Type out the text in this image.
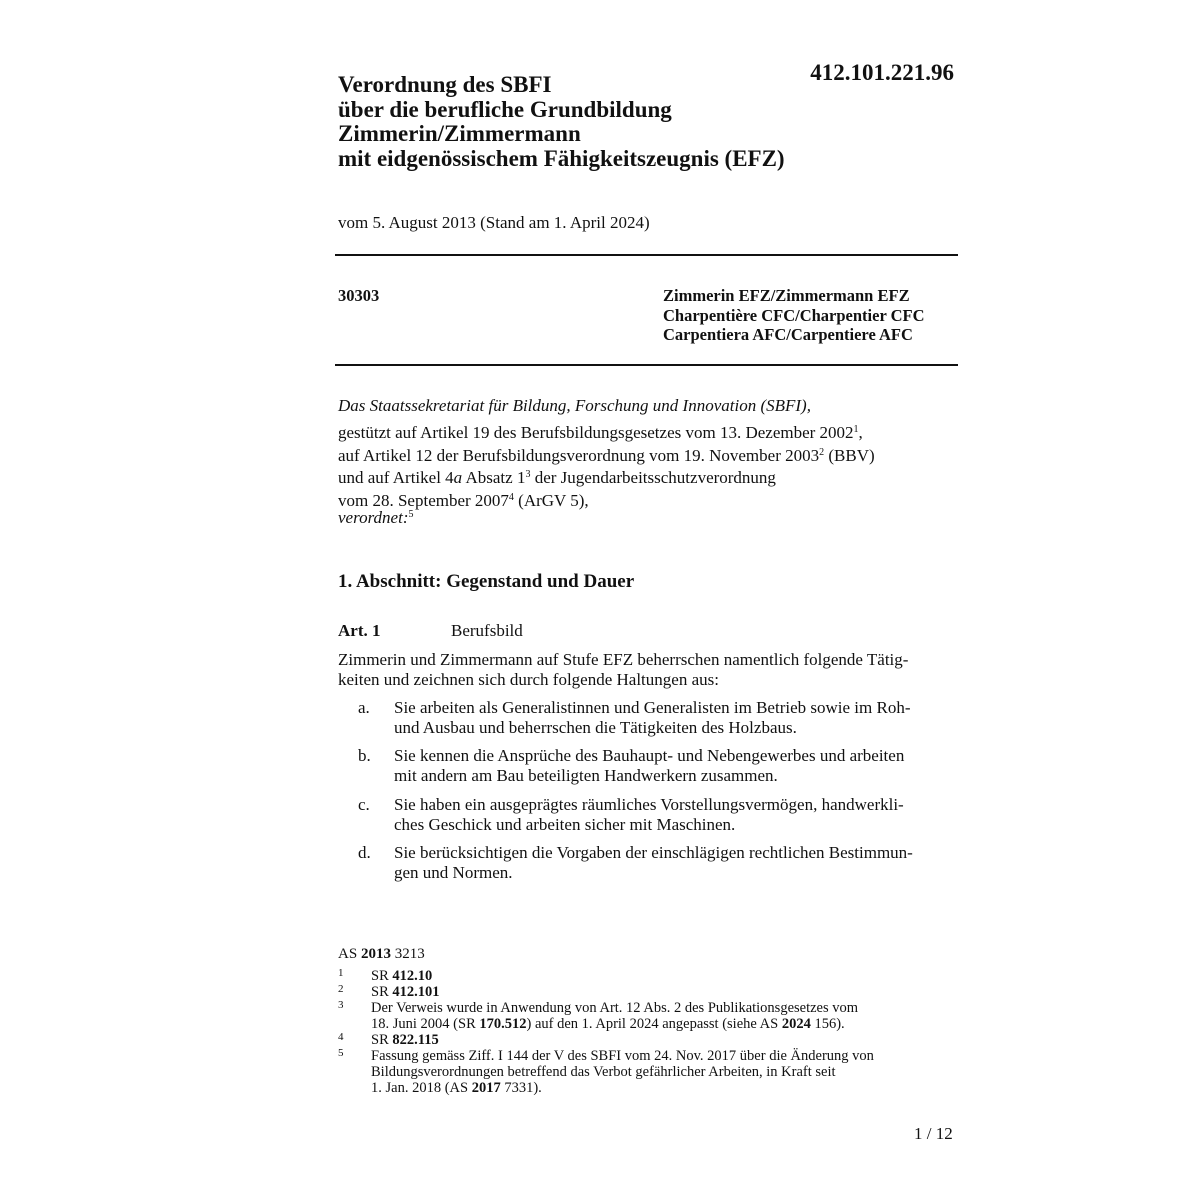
412.101.221.96
Verordnung des SBFI
über die berufliche Grundbildung
Zimmerin/Zimmermann
mit eidgenössischem Fähigkeitszeugnis (EFZ)
vom 5. August 2013 (Stand am 1. April 2024)
30303	Zimmerin EFZ/Zimmermann EFZ
Charpentière CFC/Charpentier CFC
Carpentiera AFC/Carpentiere AFC
Das Staatssekretariat für Bildung, Forschung und Innovation (SBFI),
gestützt auf Artikel 19 des Berufsbildungsgesetzes vom 13. Dezember 2002$^1$,
auf Artikel 12 der Berufsbildungsverordnung vom 19. November 2003$^2$ (BBV)
und auf Artikel 4a Absatz $1^3$ der Jugendarbeitsschutzverordnung
vom 28. September 2007$^4$ (ArGV 5),
verordnet:$^5$
1. Abschnitt: Gegenstand und Dauer
Art. 1	Berufsbild
Zimmerin und Zimmermann auf Stufe EFZ beherrschen namentlich folgende Tätig-
keiten und zeichnen sich durch folgende Haltungen aus:
a. Sie arbeiten als Generalistinnen und Generalisten im Betrieb sowie im Roh-
und Ausbau und beherrschen die Tätigkeiten des Holzbaus.
b. Sie kennen die Ansprüche des Bauhaupt- und Nebengewerbes und arbeiten
mit andern am Bau beteiligten Handwerkern zusammen.
c. Sie haben ein ausgeprägtes räumliches Vorstellungsvermögen, handwerkli-
ches Geschick und arbeiten sicher mit Maschinen.
d. Sie berücksichtigen die Vorgaben der einschlägigen rechtlichen Bestimmun-
gen und Normen.
AS 2013 3213
1 SR 412.10
2 SR 412.101
3 Der Verweis wurde in Anwendung von Art. 12 Abs. 2 des Publikationsgesetzes vom
18. Juni 2004 (SR 170.512) auf den 1. April 2024 angepasst (siehe AS 2024 156).
4 SR 822.115
5 Fassung gemäss Ziff. I 144 der V des SBFI vom 24. Nov. 2017 über die Änderung von
Bildungsverordnungen betreffend das Verbot gefährlicher Arbeiten, in Kraft seit
1. Jan. 2018 (AS 2017 7331).
1 / 12
